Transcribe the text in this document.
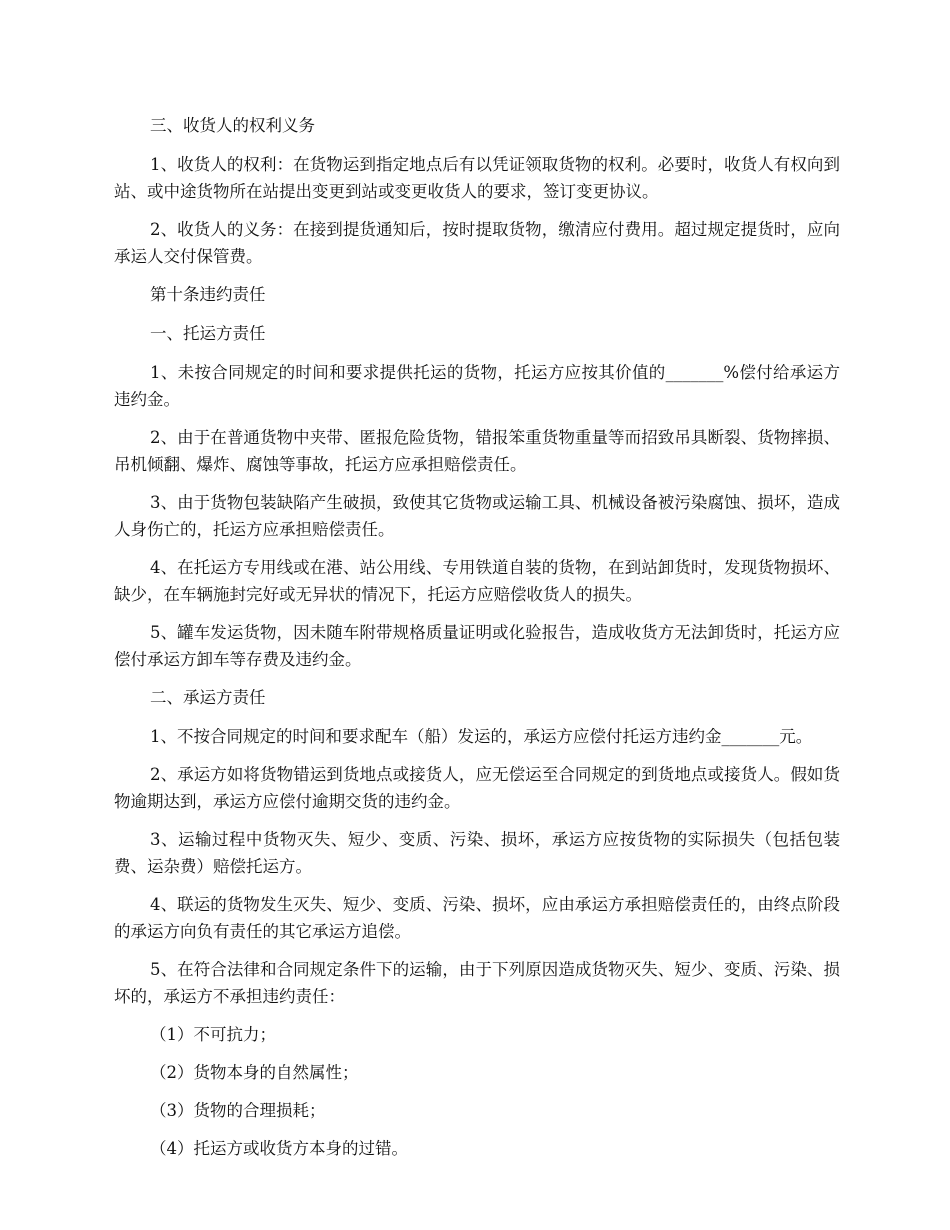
三、收货人的权利义务

1、收货人的权利：在货物运到指定地点后有以凭证领取货物的权利。必要时，收货人有权向到站、或中途货物所在站提出变更到站或变更收货人的要求，签订变更协议。

2、收货人的义务：在接到提货通知后，按时提取货物，缴清应付费用。超过规定提货时，应向承运人交付保管费。

第十条违约责任

一、托运方责任

1、未按合同规定的时间和要求提供托运的货物，托运方应按其价值的_______%偿付给承运方违约金。

2、由于在普通货物中夹带、匿报危险货物，错报笨重货物重量等而招致吊具断裂、货物摔损、吊机倾翻、爆炸、腐蚀等事故，托运方应承担赔偿责任。

3、由于货物包装缺陷产生破损，致使其它货物或运输工具、机械设备被污染腐蚀、损坏，造成人身伤亡的，托运方应承担赔偿责任。

4、在托运方专用线或在港、站公用线、专用铁道自装的货物，在到站卸货时，发现货物损坏、缺少，在车辆施封完好或无异状的情况下，托运方应赔偿收货人的损失。

5、罐车发运货物，因未随车附带规格质量证明或化验报告，造成收货方无法卸货时，托运方应偿付承运方卸车等存费及违约金。

二、承运方责任

1、不按合同规定的时间和要求配车（船）发运的，承运方应偿付托运方违约金_______元。

2、承运方如将货物错运到货地点或接货人，应无偿运至合同规定的到货地点或接货人。假如货物逾期达到，承运方应偿付逾期交货的违约金。

3、运输过程中货物灭失、短少、变质、污染、损坏，承运方应按货物的实际损失（包括包装费、运杂费）赔偿托运方。

4、联运的货物发生灭失、短少、变质、污染、损坏，应由承运方承担赔偿责任的，由终点阶段的承运方向负有责任的其它承运方追偿。

5、在符合法律和合同规定条件下的运输，由于下列原因造成货物灭失、短少、变质、污染、损坏的，承运方不承担违约责任：

（1）不可抗力；

（2）货物本身的自然属性；

（3）货物的合理损耗；

（4）托运方或收货方本身的过错。
